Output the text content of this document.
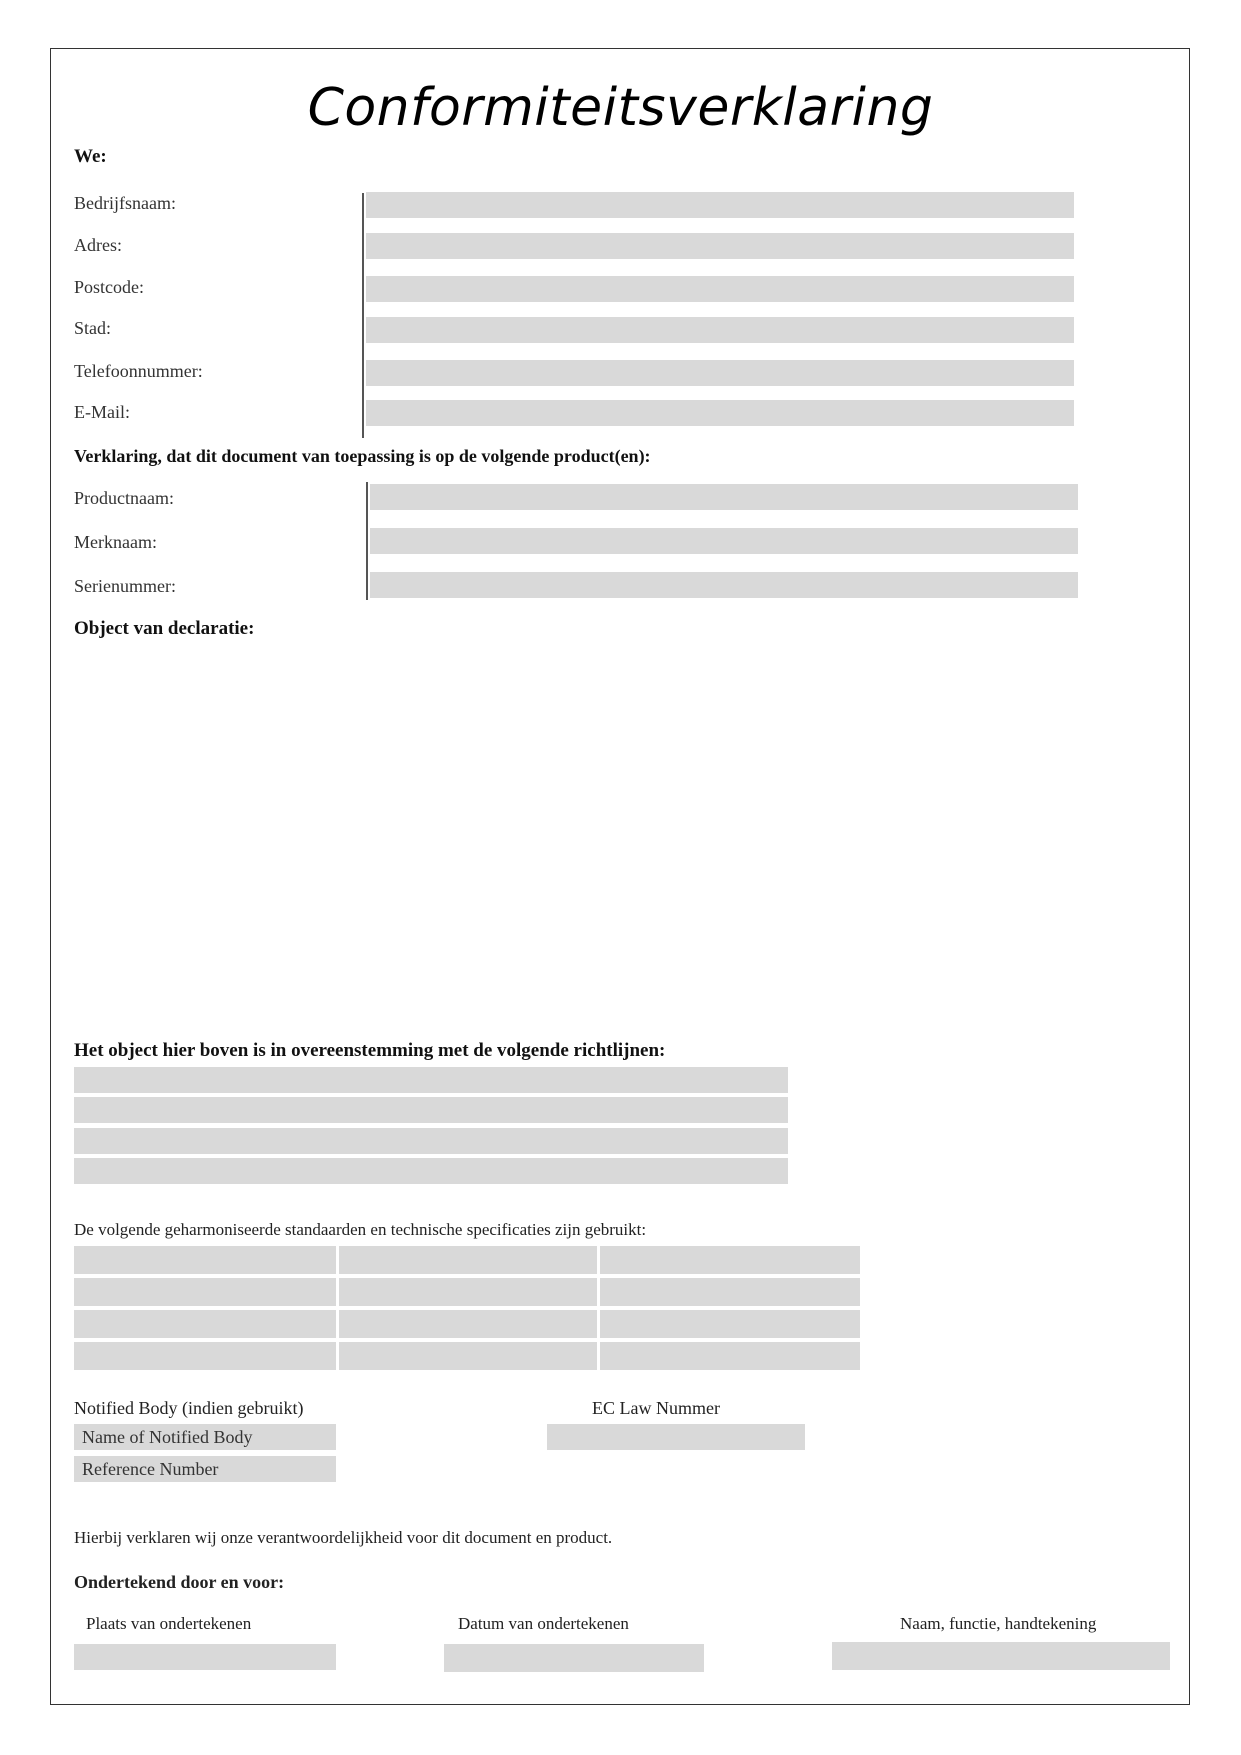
Conformiteitsverklaring
We:
Bedrijfsnaam:
Adres:
Postcode:
Stad:
Telefoonnummer:
E-Mail:
Verklaring, dat dit document van toepassing is op de volgende product(en):
Productnaam:
Merknaam:
Serienummer:
Object van declaratie:
Het object hier boven is in overeenstemming met de volgende richtlijnen:
De volgende geharmoniseerde standaarden en technische specificaties zijn gebruikt:
Notified Body (indien gebruikt)	EC Law Nummer
Name of Notified Body
Reference Number
Hierbij verklaren wij onze verantwoordelijkheid voor dit document en product.
Ondertekend door en voor:
Plaats van ondertekenen	Datum van ondertekenen	Naam, functie, handtekening
